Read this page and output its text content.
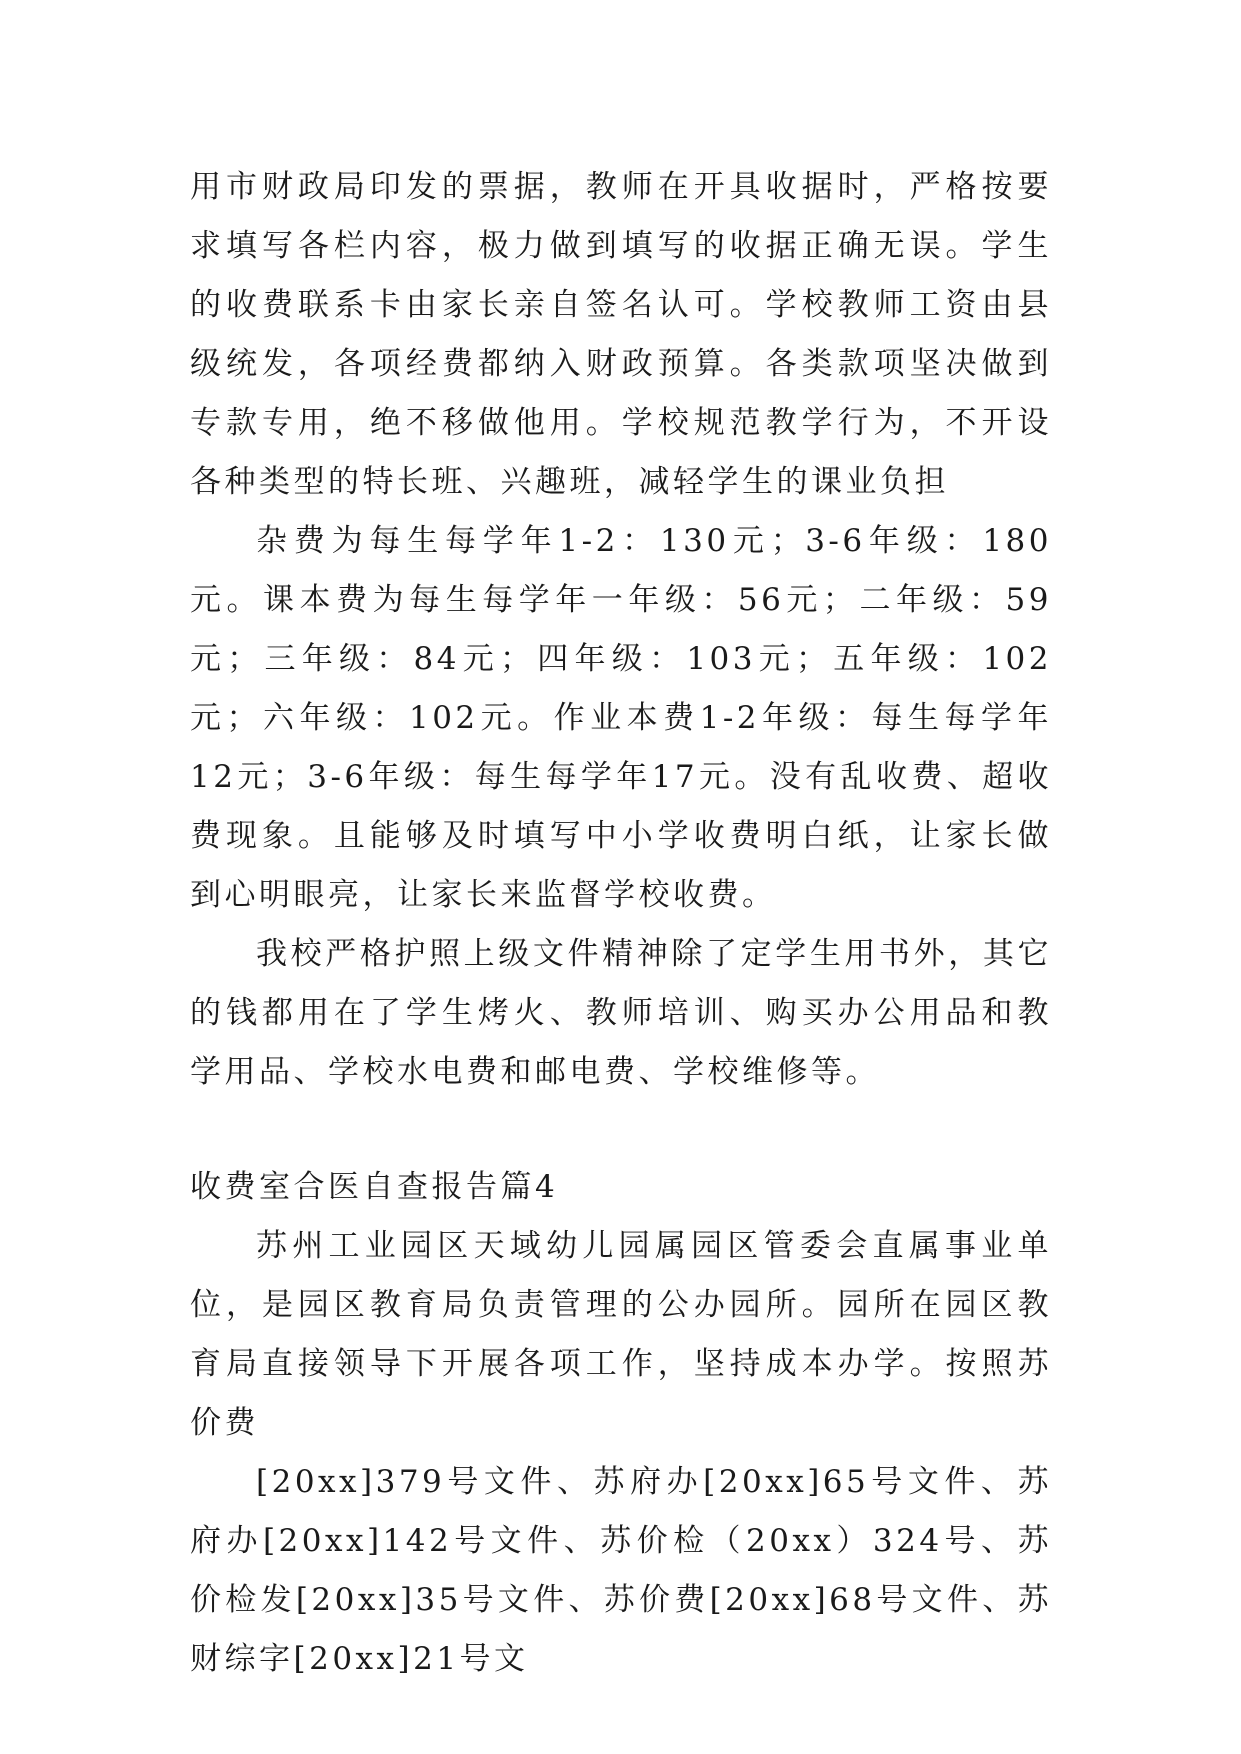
用市财政局印发的票据，教师在开具收据时，严格按要求填写各栏内容，极力做到填写的收据正确无误。学生的收费联系卡由家长亲自签名认可。学校教师工资由县级统发，各项经费都纳入财政预算。各类款项坚决做到专款专用，绝不移做他用。学校规范教学行为，不开设各种类型的特长班、兴趣班，减轻学生的课业负担

杂费为每生每学年1-2：130元；3-6年级：180元。课本费为每生每学年一年级：56元；二年级：59元；三年级：84元；四年级：103元；五年级：102元；六年级：102元。作业本费1-2年级：每生每学年12元；3-6年级：每生每学年17元。没有乱收费、超收费现象。且能够及时填写中小学收费明白纸，让家长做到心明眼亮，让家长来监督学校收费。

我校严格护照上级文件精神除了定学生用书外，其它的钱都用在了学生烤火、教师培训、购买办公用品和教学用品、学校水电费和邮电费、学校维修等。

收费室合医自查报告篇4

苏州工业园区天域幼儿园属园区管委会直属事业单位，是园区教育局负责管理的公办园所。园所在园区教育局直接领导下开展各项工作，坚持成本办学。按照苏价费

[20xx]379号文件、苏府办[20xx]65号文件、苏府办[20xx]142号文件、苏价检（20xx）324号、苏价检发[20xx]35号文件、苏价费[20xx]68号文件、苏财综字[20xx]21号文
